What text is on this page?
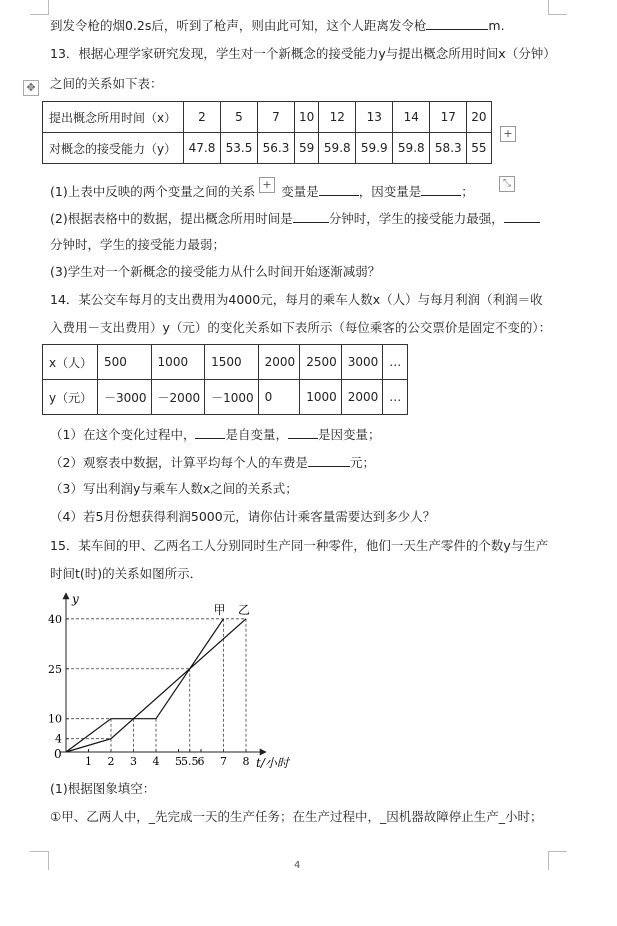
到发令枪的烟0.2s后，听到了枪声，则由此可知，这个人距离发令枪	m.
13．根据心理学家研究发现，学生对一个新概念的接受能力y与提出概念所用时间x（分钟）
之间的关系如下表：
✥
提出概念所用时间（x）	2	5	7	10	12	13	14	17	20
对概念的接受能力（y）	47.8	53.5	56.3	59	59.8	59.9	59.8	58.3	55
+
+	⤡
(1)上表中反映的两个变量之间的关系 变量是	，因变量是	；
(2)根据表格中的数据，提出概念所用时间是	分钟时，学生的接受能力最强，
分钟时，学生的接受能力最弱；
(3)学生对一个新概念的接受能力从什么时间开始逐渐减弱？
14．某公交车每月的支出费用为4000元，每月的乘车人数x（人）与每月利润（利润＝收
入费用－支出费用）y（元）的变化关系如下表所示（每位乘客的公交票价是固定不变的）：
x（人）	500	1000	1500	2000	2500	3000	…
y（元）	－3000	－2000	－1000	0	1000	2000	…
（1）在这个变化过程中， 是自变量， 是因变量；
（2）观察表中数据，计算平均每个人的车费是	元；
（3）写出利润y与乘车人数x之间的关系式；
（4）若5月份想获得利润5000元，请你估计乘客量需要达到多少人？
15．某车间的甲、乙两名工人分别同时生产同一种零件，他们一天生产零件的个数y与生产
时间t(时)的关系如图所示．
y
t/小时
0
1 2 3 4 5 5.5 6 7 8
4
10
25
40
甲 乙
(1)根据图象填空：
①甲、乙两人中，_先完成一天的生产任务；在生产过程中，_因机器故障停止生产_小时；
4
